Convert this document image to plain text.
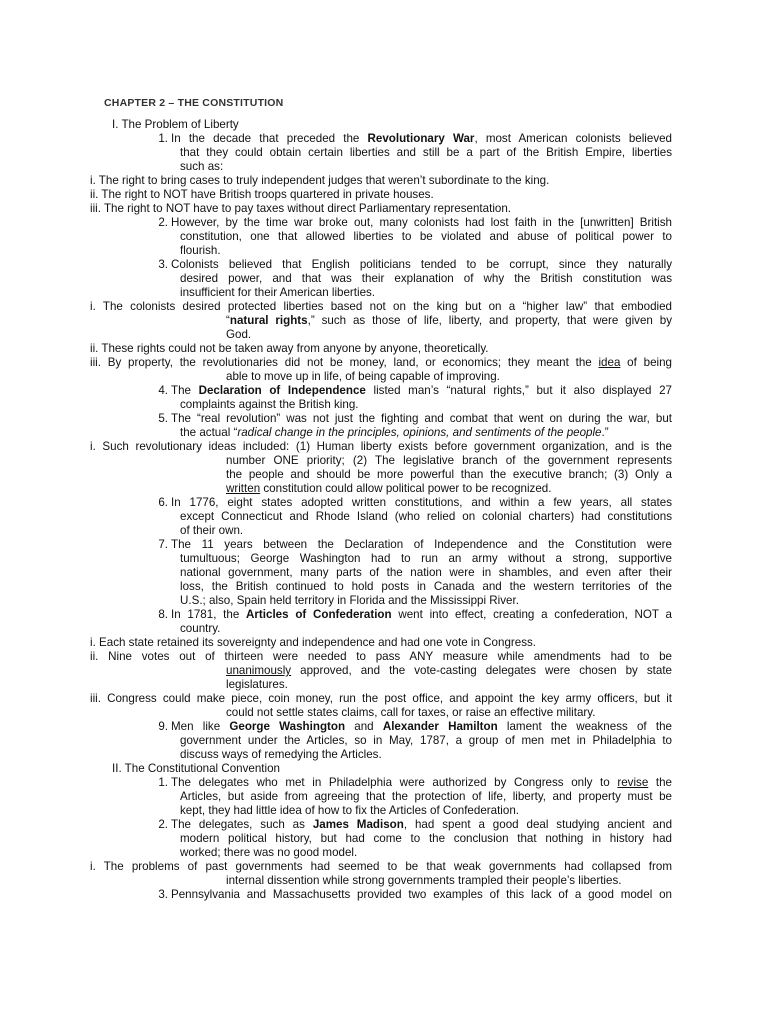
CHAPTER 2 – THE CONSTITUTION
I. The Problem of Liberty
1. In the decade that preceded the Revolutionary War, most American colonists believed
that they could obtain certain liberties and still be a part of the British Empire, liberties
such as:
i. The right to bring cases to truly independent judges that weren’t subordinate to the king.
ii. The right to NOT have British troops quartered in private houses.
iii. The right to NOT have to pay taxes without direct Parliamentary representation.
2. However, by the time war broke out, many colonists had lost faith in the [unwritten] British
constitution, one that allowed liberties to be violated and abuse of political power to
flourish.
3. Colonists believed that English politicians tended to be corrupt, since they naturally
desired power, and that was their explanation of why the British constitution was
insufficient for their American liberties.
i. The colonists desired protected liberties based not on the king but on a “higher law” that embodied
“natural rights,” such as those of life, liberty, and property, that were given by
God.
ii. These rights could not be taken away from anyone by anyone, theoretically.
iii. By property, the revolutionaries did not be money, land, or economics; they meant the idea of being
able to move up in life, of being capable of improving.
4. The Declaration of Independence listed man’s “natural rights,” but it also displayed 27
complaints against the British king.
5. The “real revolution” was not just the fighting and combat that went on during the war, but
the actual “radical change in the principles, opinions, and sentiments of the people.”
i. Such revolutionary ideas included: (1) Human liberty exists before government organization, and is the
number ONE priority; (2) The legislative branch of the government represents
the people and should be more powerful than the executive branch; (3) Only a
written constitution could allow political power to be recognized.
6. In 1776, eight states adopted written constitutions, and within a few years, all states
except Connecticut and Rhode Island (who relied on colonial charters) had constitutions
of their own.
7. The 11 years between the Declaration of Independence and the Constitution were
tumultuous; George Washington had to run an army without a strong, supportive
national government, many parts of the nation were in shambles, and even after their
loss, the British continued to hold posts in Canada and the western territories of the
U.S.; also, Spain held territory in Florida and the Mississippi River.
8. In 1781, the Articles of Confederation went into effect, creating a confederation, NOT a
country.
i. Each state retained its sovereignty and independence and had one vote in Congress.
ii. Nine votes out of thirteen were needed to pass ANY measure while amendments had to be
unanimously approved, and the vote-casting delegates were chosen by state
legislatures.
iii. Congress could make piece, coin money, run the post office, and appoint the key army officers, but it
could not settle states claims, call for taxes, or raise an effective military.
9. Men like George Washington and Alexander Hamilton lament the weakness of the
government under the Articles, so in May, 1787, a group of men met in Philadelphia to
discuss ways of remedying the Articles.
II. The Constitutional Convention
1. The delegates who met in Philadelphia were authorized by Congress only to revise the
Articles, but aside from agreeing that the protection of life, liberty, and property must be
kept, they had little idea of how to fix the Articles of Confederation.
2. The delegates, such as James Madison, had spent a good deal studying ancient and
modern political history, but had come to the conclusion that nothing in history had
worked; there was no good model.
i. The problems of past governments had seemed to be that weak governments had collapsed from
internal dissention while strong governments trampled their people’s liberties.
3. Pennsylvania and Massachusetts provided two examples of this lack of a good model on
